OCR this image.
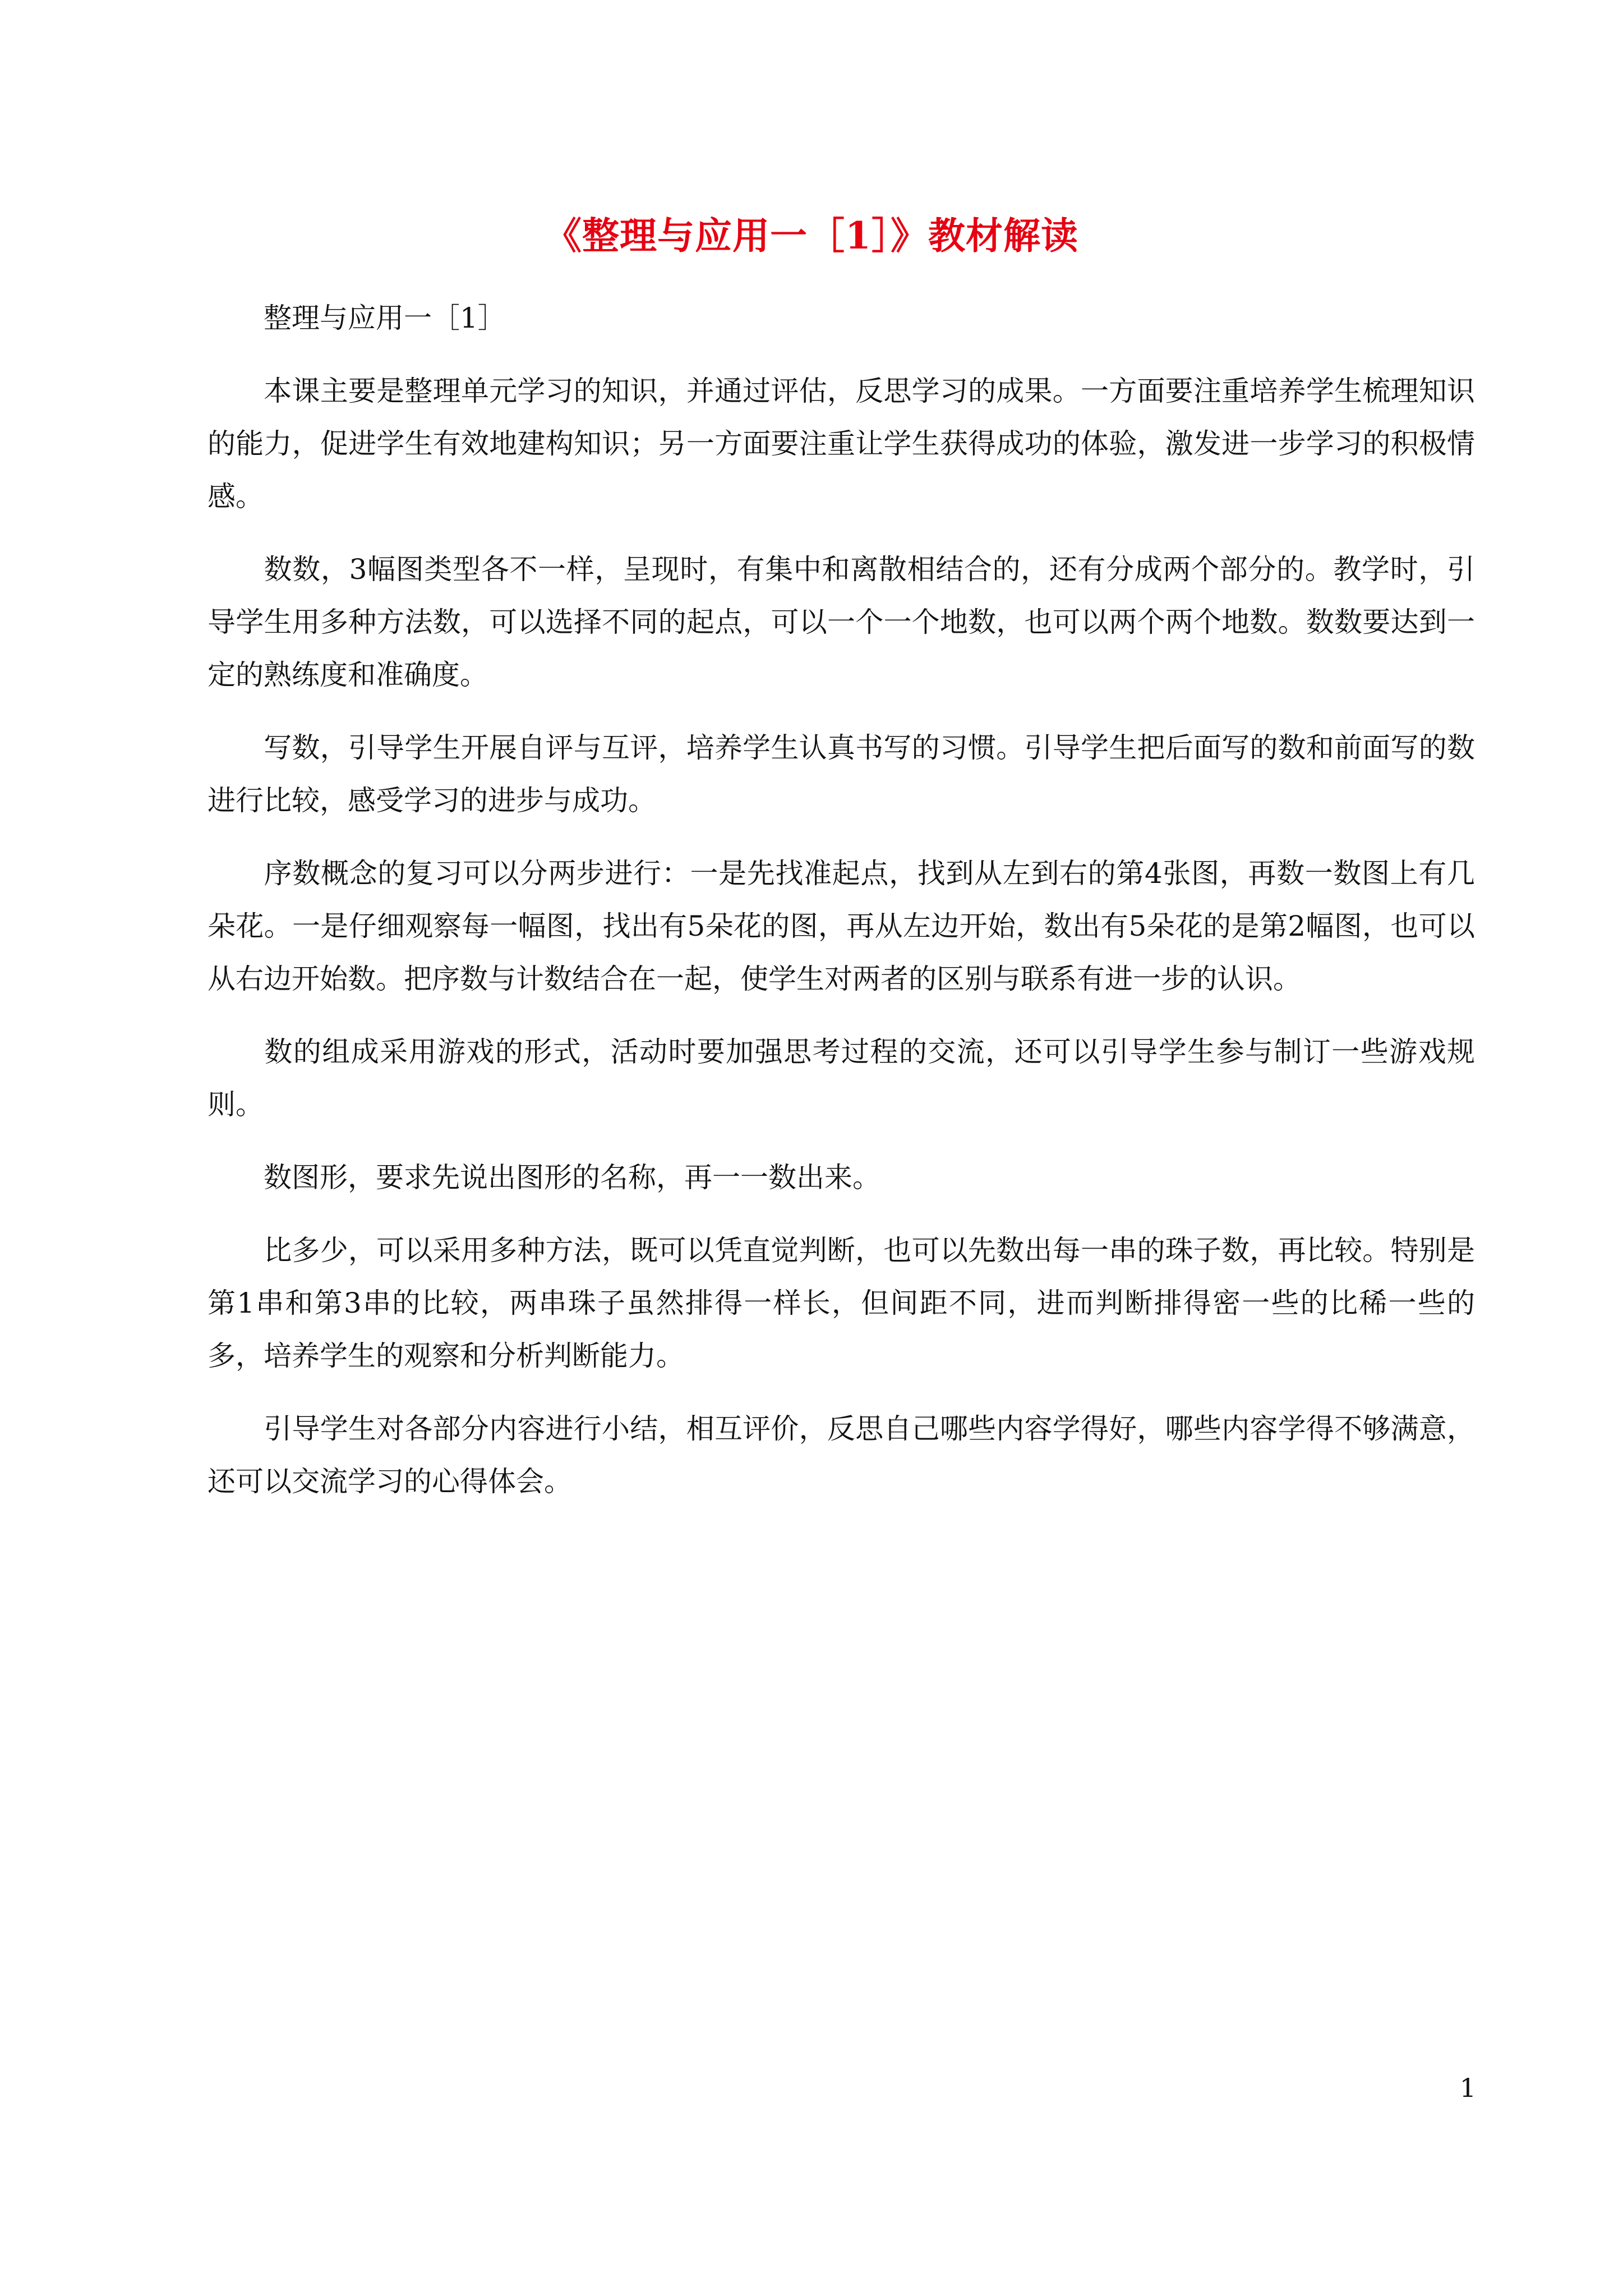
《整理与应用一［1］》教材解读

整理与应用一［1］

本课主要是整理单元学习的知识，并通过评估，反思学习的成果。一方面要注重培养学生梳理知识的能力，促进学生有效地建构知识；另一方面要注重让学生获得成功的体验，激发进一步学习的积极情感。

数数，3幅图类型各不一样，呈现时，有集中和离散相结合的，还有分成两个部分的。教学时，引导学生用多种方法数，可以选择不同的起点，可以一个一个地数，也可以两个两个地数。数数要达到一定的熟练度和准确度。

写数，引导学生开展自评与互评，培养学生认真书写的习惯。引导学生把后面写的数和前面写的数进行比较，感受学习的进步与成功。

序数概念的复习可以分两步进行：一是先找准起点，找到从左到右的第4张图，再数一数图上有几朵花。一是仔细观察每一幅图，找出有5朵花的图，再从左边开始，数出有5朵花的是第2幅图，也可以从右边开始数。把序数与计数结合在一起，使学生对两者的区别与联系有进一步的认识。

数的组成采用游戏的形式，活动时要加强思考过程的交流，还可以引导学生参与制订一些游戏规则。

数图形，要求先说出图形的名称，再一一数出来。

比多少，可以采用多种方法，既可以凭直觉判断，也可以先数出每一串的珠子数，再比较。特别是第1串和第3串的比较，两串珠子虽然排得一样长，但间距不同，进而判断排得密一些的比稀一些的多，培养学生的观察和分析判断能力。

引导学生对各部分内容进行小结，相互评价，反思自己哪些内容学得好，哪些内容学得不够满意，还可以交流学习的心得体会。

1
